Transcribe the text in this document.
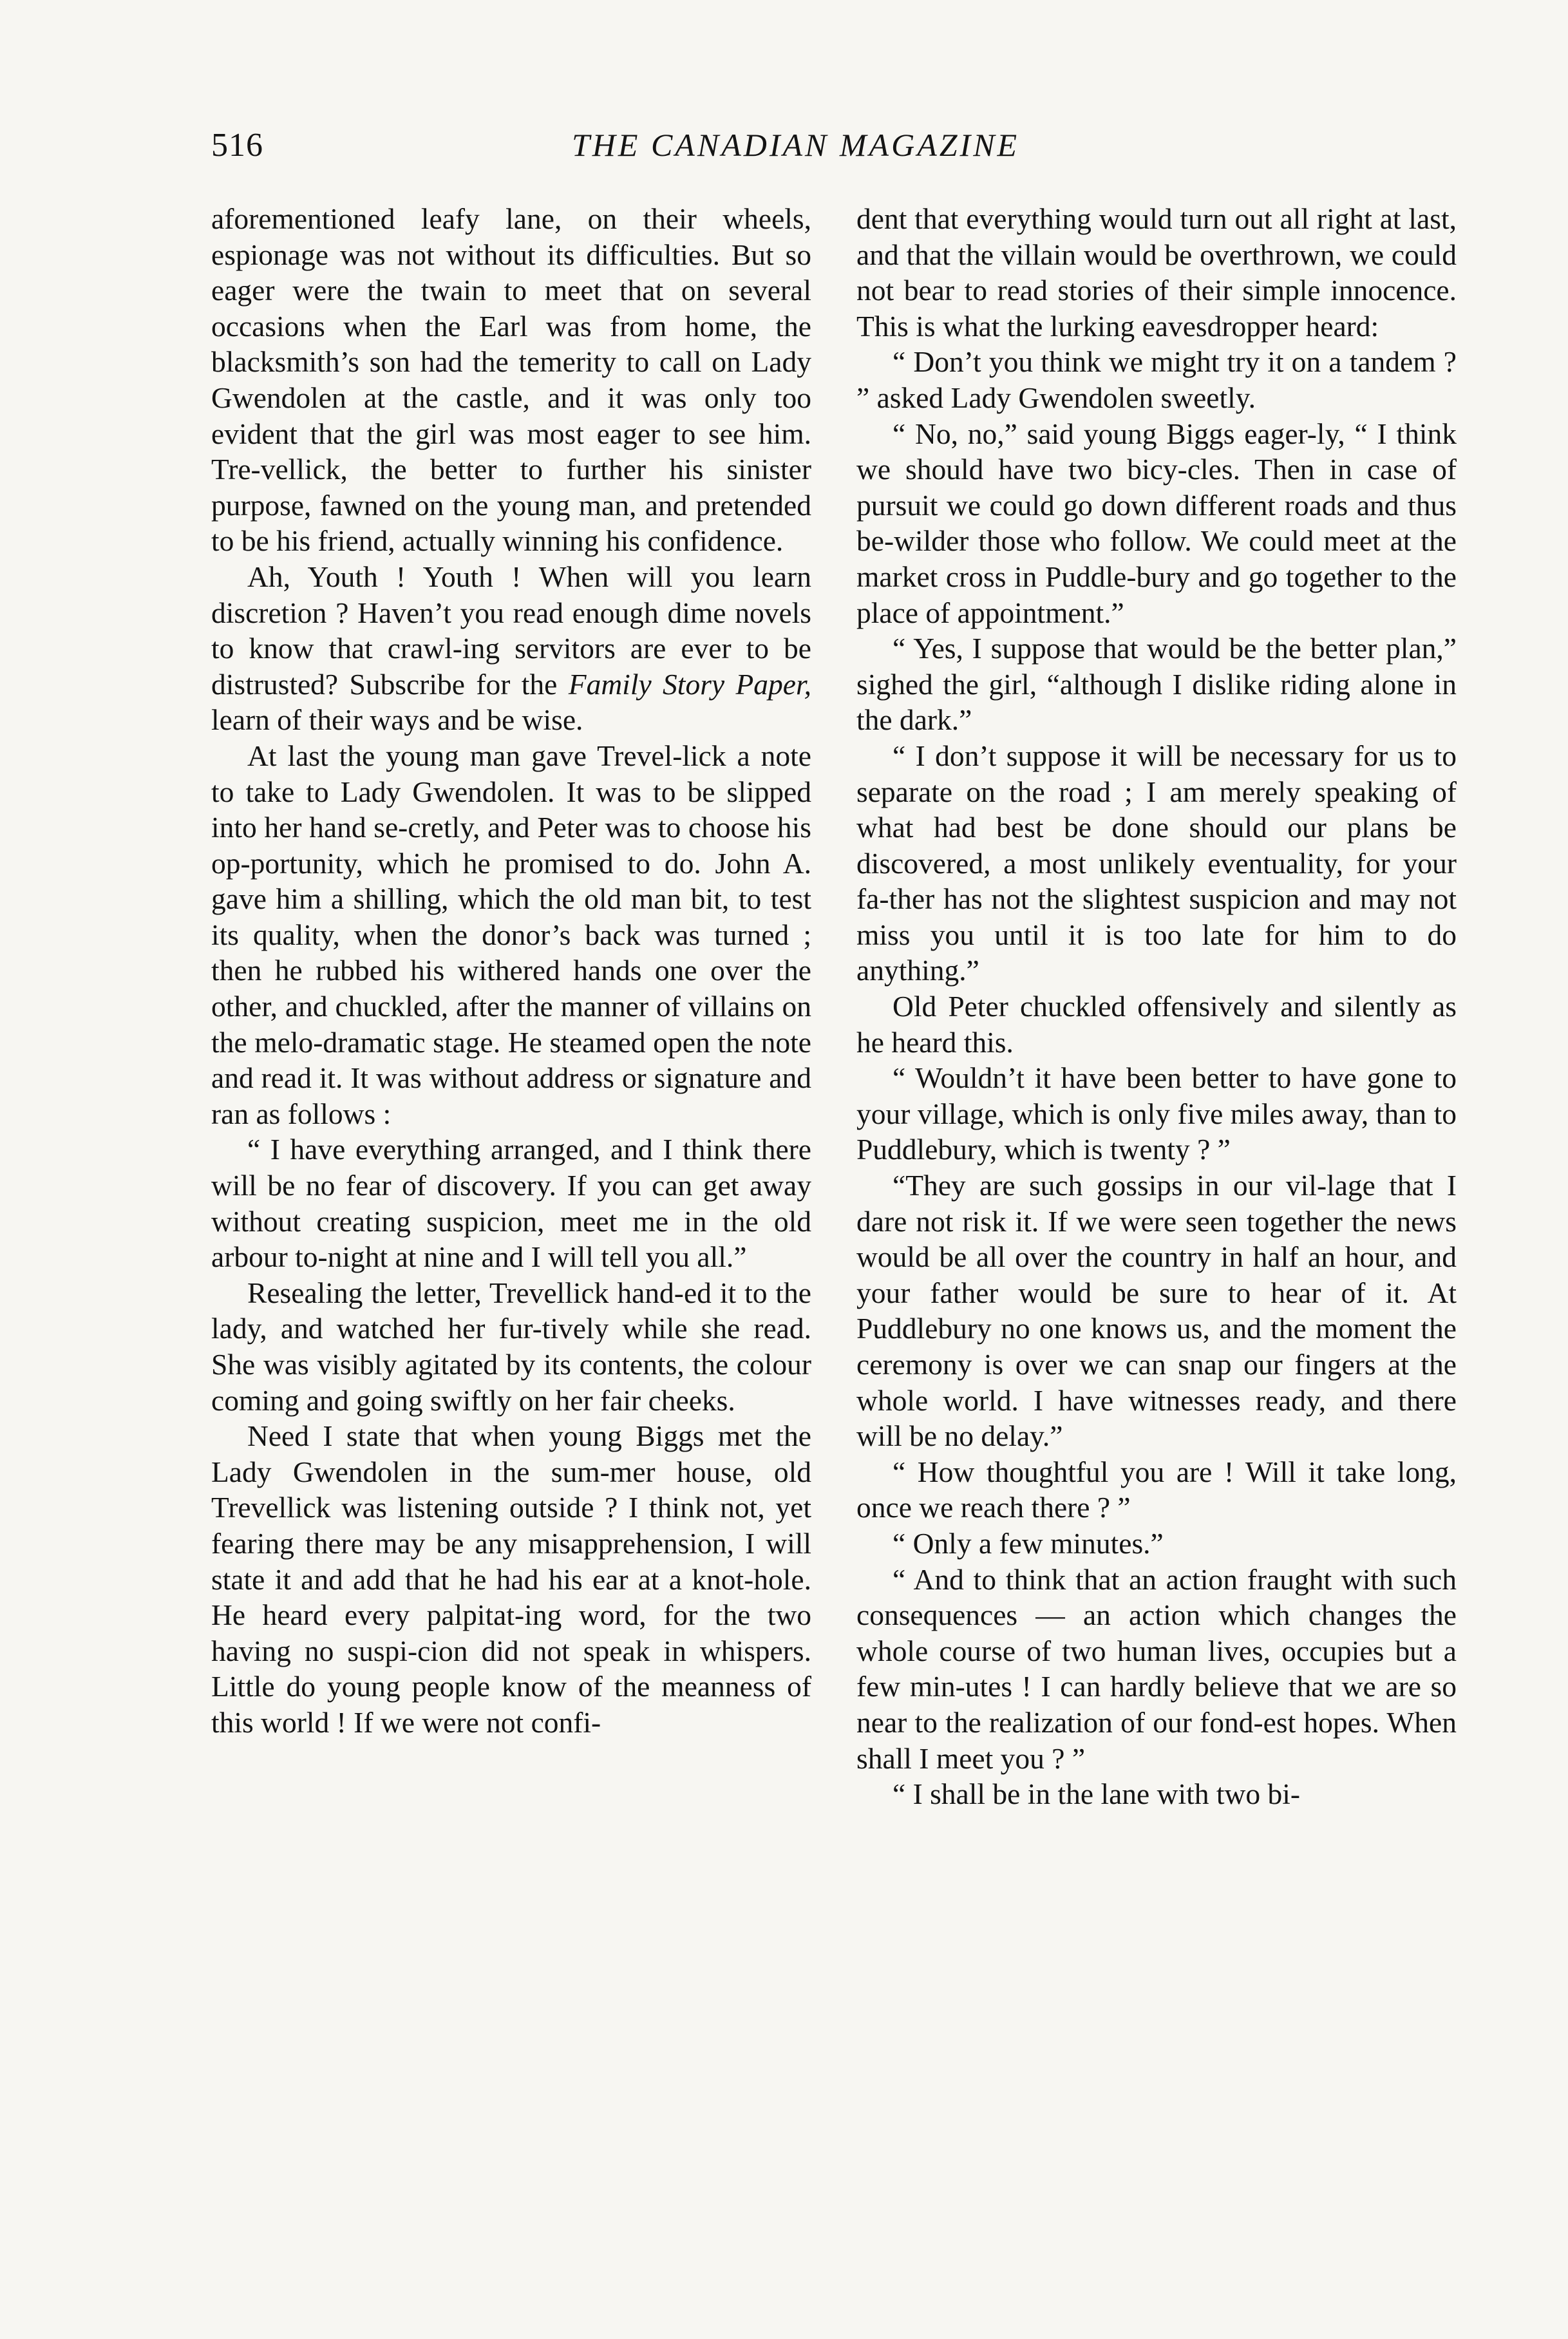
516	THE CANADIAN MAGAZINE

aforementioned leafy lane, on their wheels, espionage was not without its difficulties. But so eager were the twain to meet that on several occasions when the Earl was from home, the blacksmith’s son had the temerity to call on Lady Gwendolen at the castle, and it was only too evident that the girl was most eager to see him. Tre-vellick, the better to further his sinister purpose, fawned on the young man, and pretended to be his friend, actually winning his confidence.

Ah, Youth ! Youth ! When will you learn discretion ? Haven’t you read enough dime novels to know that crawl-ing servitors are ever to be distrusted? Subscribe for the Family Story Paper, learn of their ways and be wise.

At last the young man gave Trevel-lick a note to take to Lady Gwendolen. It was to be slipped into her hand se-cretly, and Peter was to choose his op-portunity, which he promised to do. John A. gave him a shilling, which the old man bit, to test its quality, when the donor’s back was turned ; then he rubbed his withered hands one over the other, and chuckled, after the manner of villains on the melo-dramatic stage. He steamed open the note and read it. It was without address or signature and ran as follows :

“ I have everything arranged, and I think there will be no fear of discovery. If you can get away without creating suspicion, meet me in the old arbour to-night at nine and I will tell you all.”

Resealing the letter, Trevellick hand-ed it to the lady, and watched her fur-tively while she read. She was visibly agitated by its contents, the colour coming and going swiftly on her fair cheeks.

Need I state that when young Biggs met the Lady Gwendolen in the sum-mer house, old Trevellick was listening outside ? I think not, yet fearing there may be any misapprehension, I will state it and add that he had his ear at a knot-hole. He heard every palpitat-ing word, for the two having no suspi-cion did not speak in whispers. Little do young people know of the meanness of this world ! If we were not confi-

dent that everything would turn out all right at last, and that the villain would be overthrown, we could not bear to read stories of their simple innocence. This is what the lurking eavesdropper heard:

“ Don’t you think we might try it on a tandem ? ” asked Lady Gwendolen sweetly.

“ No, no,” said young Biggs eager-ly, “ I think we should have two bicy-cles. Then in case of pursuit we could go down different roads and thus be-wilder those who follow. We could meet at the market cross in Puddle-bury and go together to the place of appointment.”

“ Yes, I suppose that would be the better plan,” sighed the girl, “although I dislike riding alone in the dark.”

“ I don’t suppose it will be necessary for us to separate on the road ; I am merely speaking of what had best be done should our plans be discovered, a most unlikely eventuality, for your fa-ther has not the slightest suspicion and may not miss you until it is too late for him to do anything.”

Old Peter chuckled offensively and silently as he heard this.

“ Wouldn’t it have been better to have gone to your village, which is only five miles away, than to Puddlebury, which is twenty ? ”

“They are such gossips in our vil-lage that I dare not risk it. If we were seen together the news would be all over the country in half an hour, and your father would be sure to hear of it. At Puddlebury no one knows us, and the moment the ceremony is over we can snap our fingers at the whole world. I have witnesses ready, and there will be no delay.”

“ How thoughtful you are ! Will it take long, once we reach there ? ”

“ Only a few minutes.”

“ And to think that an action fraught with such consequences — an action which changes the whole course of two human lives, occupies but a few min-utes ! I can hardly believe that we are so near to the realization of our fond-est hopes. When shall I meet you ? ”

“ I shall be in the lane with two bi-
